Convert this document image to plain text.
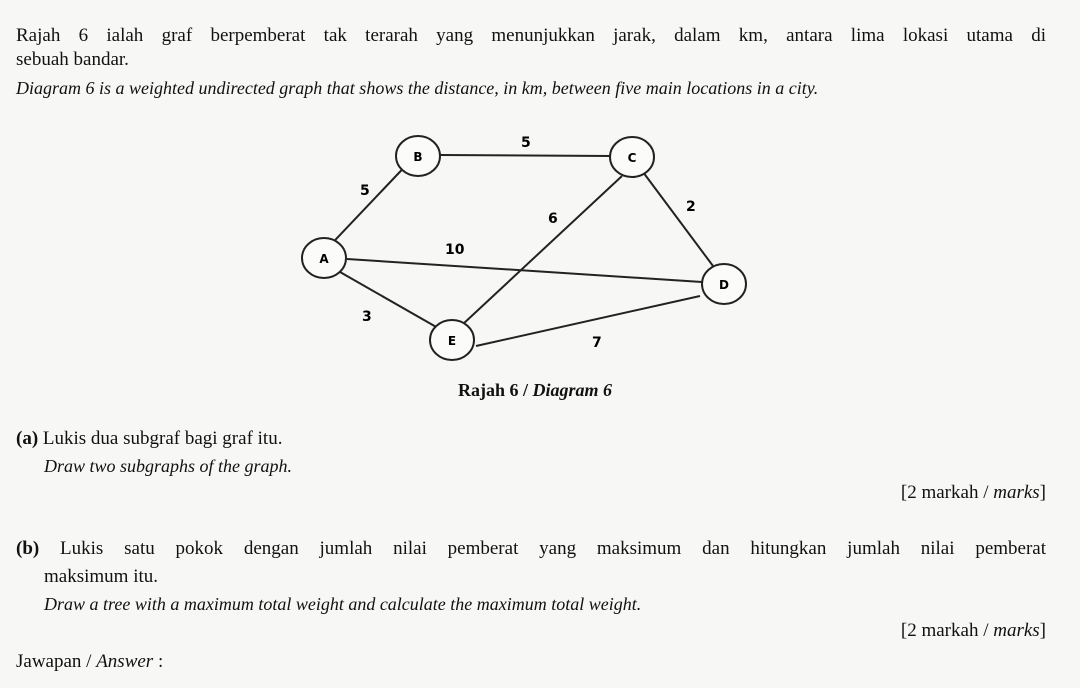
Rajah 6 ialah graf berpemberat tak terarah yang menunjukkan jarak, dalam km, antara lima lokasi utama di
sebuah bandar.
Diagram 6 is a weighted undirected graph that shows the distance, in km, between five main locations in a city.
5
5
6
2
10
3
7
B	C
A
D
E
Rajah 6 / Diagram 6
(a) Lukis dua subgraf bagi graf itu.
Draw two subgraphs of the graph.
[2 markah / marks]
(b) Lukis satu pokok dengan jumlah nilai pemberat yang maksimum dan hitungkan jumlah nilai pemberat
maksimum itu.
Draw a tree with a maximum total weight and calculate the maximum total weight.
[2 markah / marks]
Jawapan / Answer :
